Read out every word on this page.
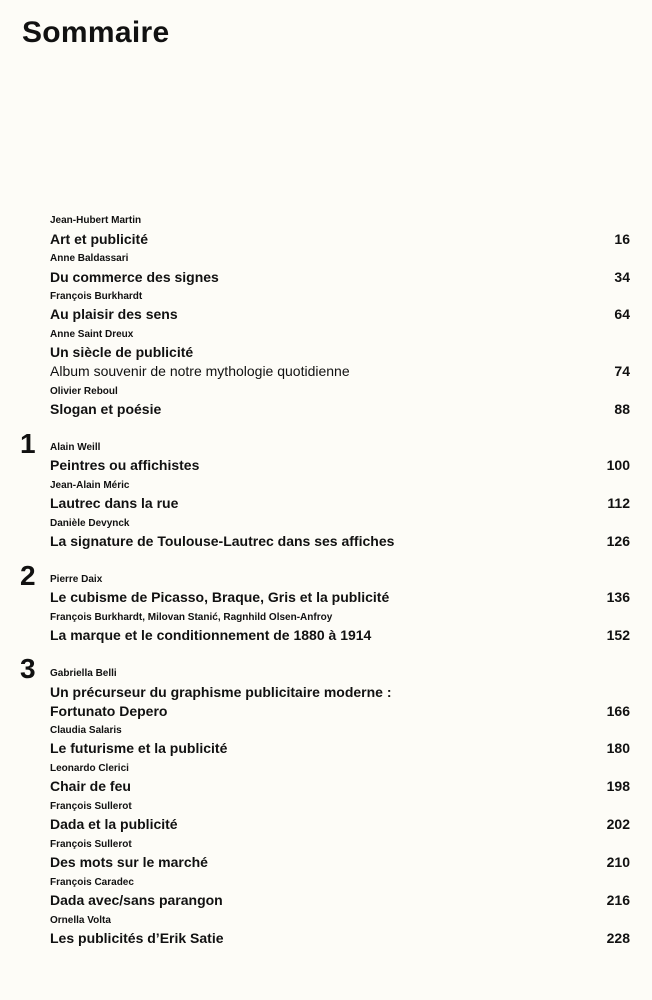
Sommaire
1
2
3
Jean-Hubert Martin
Art et publicité	16
Anne Baldassari
Du commerce des signes	34
François Burkhardt
Au plaisir des sens	64
Anne Saint Dreux
Un siècle de publicité
Album souvenir de notre mythologie quotidienne	74
Olivier Reboul
Slogan et poésie	88
Alain Weill
Peintres ou affichistes	100
Jean-Alain Méric
Lautrec dans la rue	112
Danièle Devynck
La signature de Toulouse-Lautrec dans ses affiches	126
Pierre Daix
Le cubisme de Picasso, Braque, Gris et la publicité	136
François Burkhardt, Milovan Stanić, Ragnhild Olsen-Anfroy
La marque et le conditionnement de 1880 à 1914	152
Gabriella Belli
Un précurseur du graphisme publicitaire moderne :
Fortunato Depero	166
Claudia Salaris
Le futurisme et la publicité	180
Leonardo Clerici
Chair de feu	198
François Sullerot
Dada et la publicité	202
François Sullerot
Des mots sur le marché	210
François Caradec
Dada avec/sans parangon	216
Ornella Volta
Les publicités d’Erik Satie	228
